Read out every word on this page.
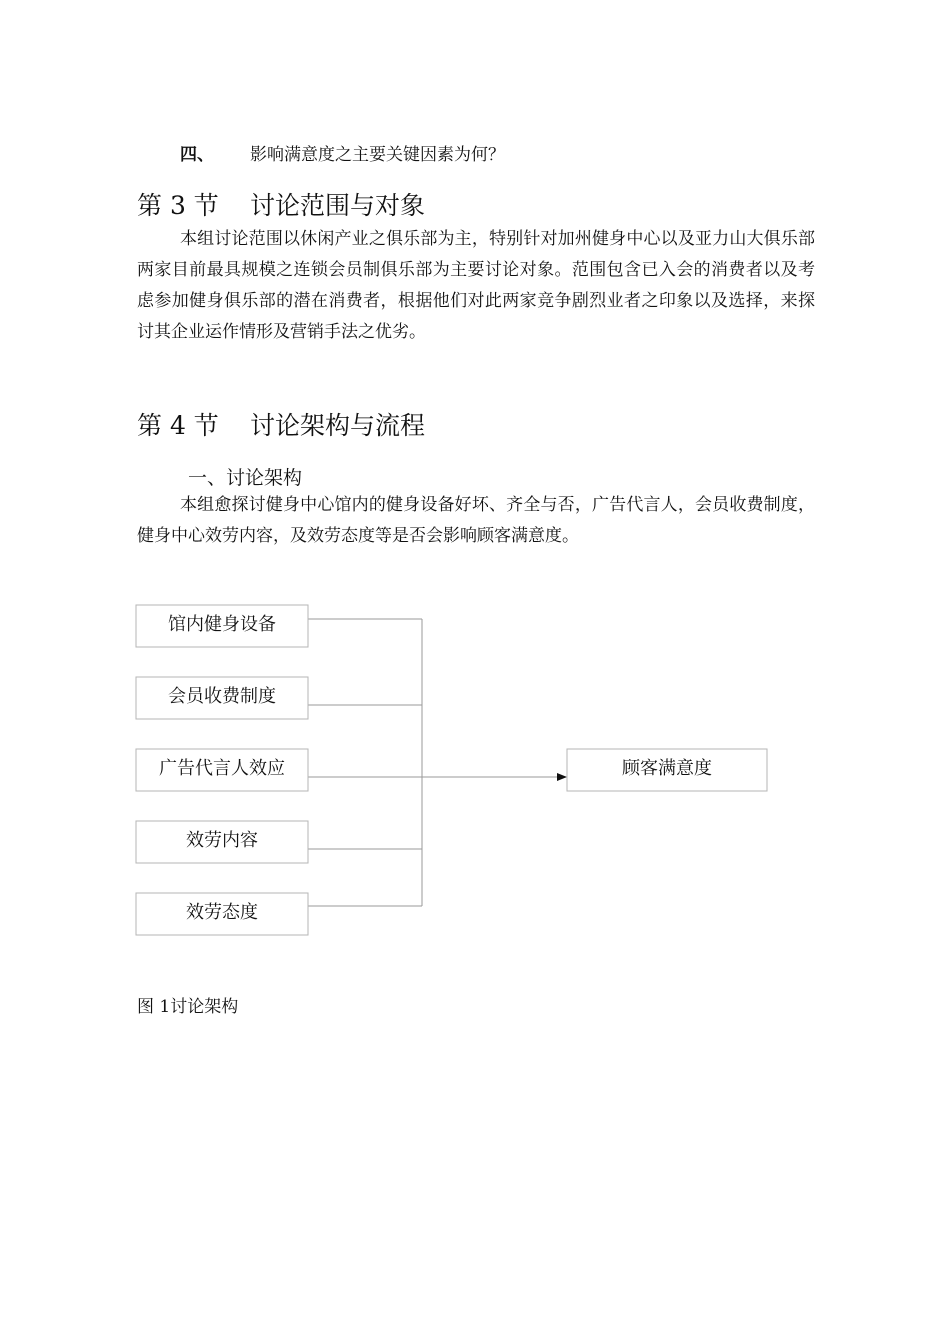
四、 影响满意度之主要关键因素为何？
第 3 节 讨论范围与对象

本组讨论范围以休闲产业之俱乐部为主，特别针对加州健身中心以及亚力山大俱乐部两家目前最具规模之连锁会员制俱乐部为主要讨论对象。范围包含已入会的消费者以及考虑参加健身俱乐部的潜在消费者，根据他们对此两家竞争剧烈业者之印象以及选择，来探讨其企业运作情形及营销手法之优劣。

第 4 节 讨论架构与流程
一、讨论架构

本组愈探讨健身中心馆内的健身设备好坏、齐全与否，广告代言人，会员收费制度，健身中心效劳内容，及效劳态度等是否会影响顾客满意度。

馆内健身设备
会员收费制度
广告代言人效应
效劳内容
效劳态度
顾客满意度
图 1讨论架构
